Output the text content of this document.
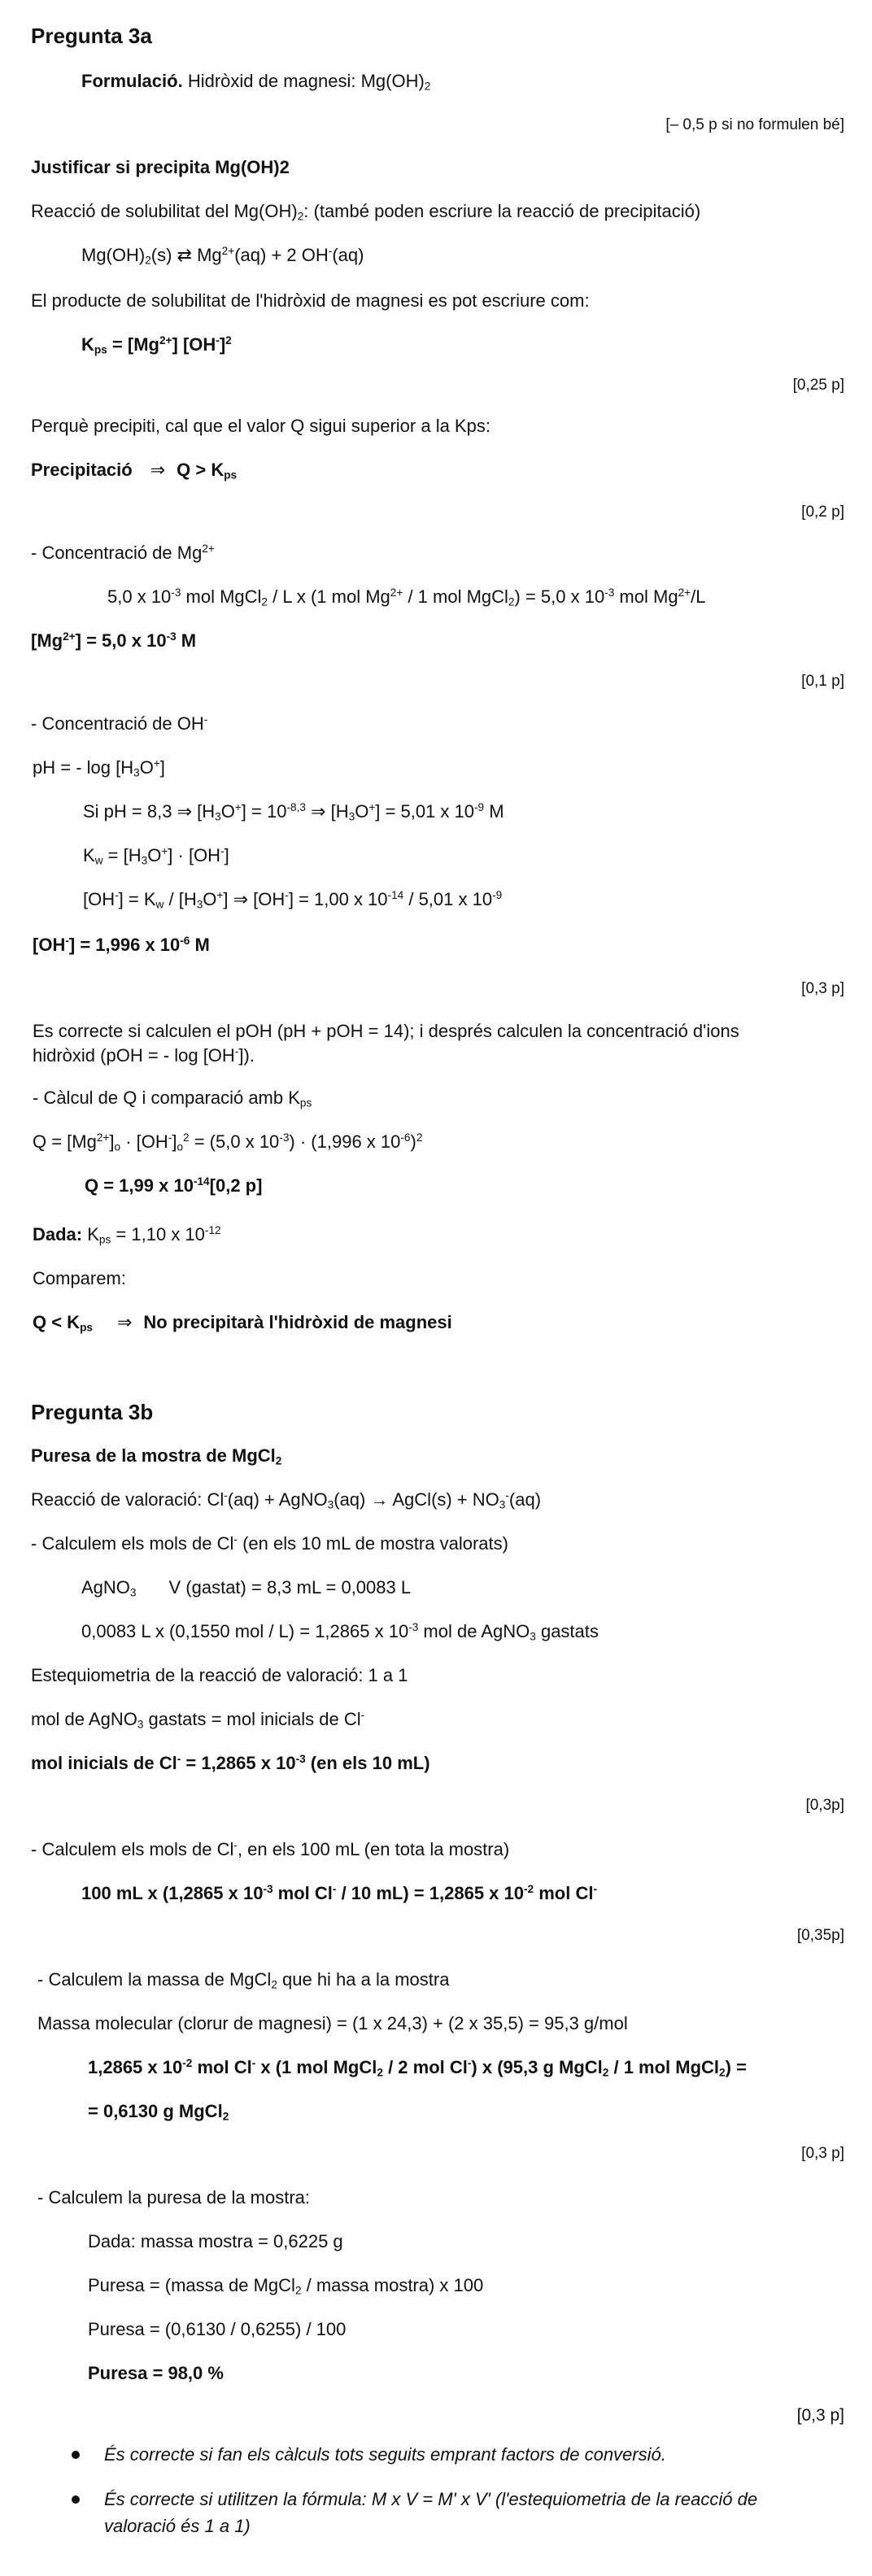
Pregunta 3a
Formulació. Hidròxid de magnesi: $Mg(OH)_2$
[– 0,5 p si no formulen bé]
Justificar si precipita Mg(OH)2
Reacció de solubilitat del $Mg(OH)_2$: (també poden escriure la reacció de precipitació)
$Mg(OH)_2(s)$ ⇄ $Mg^{2+}(aq) + 2$ OH-(aq)
El producte de solubilitat de l'hidròxid de magnesi es pot escriure com:
$K_{ps} = [Mg^{2+}]$ $[OH^-]^2$
[0,25 p]
Perquè precipiti, cal que el valor Q sigui superior a la Kps:
Precipitació ⇒ $Q > K_{ps}$
[0,2 p]
- Concentració de $Mg^{2+}$
5,0 x $10^{-3}$ mol MgCl$_2$ / L x (1 mol $Mg^{2+} / 1$ mol MgCl$_2$) = 5,0 x $10^{-3}$ mol $Mg^{2+}/L$
$[Mg^{2+}] = 5,0$ x $10^{-3}$ M
[0,1 p]
- Concentració de OH-
pH = - $\log [H_3O^+]$
Si pH = 8,3 ⇒ $[H_3O^+] = 10^{-8,3}$ ⇒ $[H_3O^+] = 5,01$ x $10^{-9}$ M
$K_w = [H_3O^+] \cdot [OH^-]$
$[OH^-] = K_w / [H_3O^+]$ ⇒ [OH-] = 1,00 x $10^{-14} / 5,01$ x $10^{-9}$
[OH-] = 1,996 x $10^{-6}$ M
[0,3 p]
Es correcte si calculen el pOH (pH + pOH = 14); i després calculen la concentració d'ions
hidròxid (pOH = - log [OH-]).
- Càlcul de Q i comparació amb $K_{ps}$
$Q = [Mg^{2+}]_o \cdot [OH^-]_o^2 = (5,0$ x $10^{-3}) \cdot (1,996$ x $10^{-6})^2$
Q = 1,99 x $10^{-14}[0,2$ p]
Dada: $K_{ps} = 1,10$ x $10^{-12}$
Comparem:
$Q < K_{ps}$ ⇒ No precipitarà l'hidròxid de magnesi
Pregunta 3b
Puresa de la mostra de MgCl$_2$
Reacció de valoració: Cl-(aq) + AgNO$_3$(aq) → AgCl(s) + $NO_3^-(aq)$
- Calculem els mols de Cl- (en els 10 mL de mostra valorats)
AgNO$_3$ V (gastat) = 8,3 mL = 0,0083 L
0,0083 L x (0,1550 mol / L) = 1,2865 x $10^{-3}$ mol de AgNO$_3$ gastats
Estequiometria de la reacció de valoració: 1 a 1
mol de AgNO$_3$ gastats = mol inicials de Cl-
mol inicials de Cl- = 1,2865 x $10^{-3}$ (en els 10 mL)
[0,3p]
- Calculem els mols de Cl-, en els 100 mL (en tota la mostra)
100 mL x (1,2865 x $10^{-3}$ mol Cl- / 10 mL) = 1,2865 x $10^{-2}$ mol Cl-
[0,35p]
- Calculem la massa de MgCl$_2$ que hi ha a la mostra
Massa molecular (clorur de magnesi) = (1 x 24,3) + (2 x 35,5) = 95,3 g/mol
1,2865 x $10^{-2}$ mol Cl- x (1 mol MgCl$_2$ / 2 mol Cl-) x (95,3 g MgCl$_2$ / 1 mol MgCl$_2$) =
= 0,6130 g MgCl$_2$
[0,3 p]
- Calculem la puresa de la mostra:
Dada: massa mostra = 0,6225 g
Puresa = (massa de MgCl$_2$ / massa mostra) x 100
Puresa = (0,6130 / 0,6255) / 100
Puresa = 98,0 %
[0,3 p]
És correcte si fan els càlculs tots seguits emprant factors de conversió.
És correcte si utilitzen la fórmula: M x V = M' x V' (l'estequiometria de la reacció de
valoració és 1 a 1)
